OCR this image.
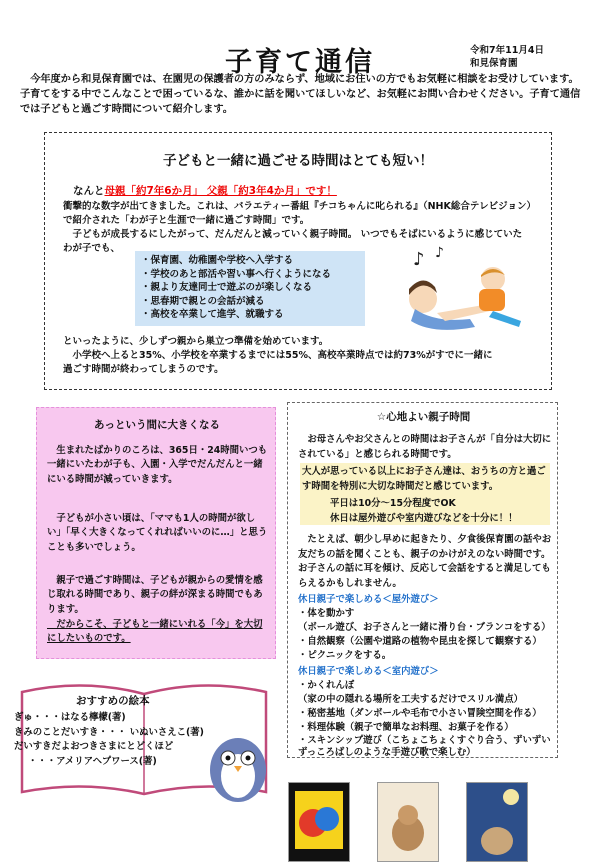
子育て通信	令和7年11月4日
和見保育園
今年度から和見保育園では、在園児の保護者の方のみならず、地域にお住いの方でもお気軽に相談をお受けしています。子育てをする中でこんなことで困っているな、誰かに話を聞いてほしいなど、お気軽にお問い合わせください。子育て通信では子どもと過ごす時間について紹介します。
子どもと一緒に過ごせる時間はとても短い！
なんと母親「約7年6か月」 父親「約3年4か月」です！
衝撃的な数字が出てきました。これは、バラエティー番組『チコちゃんに叱られる』（NHK総合テレビジョン）
で紹介された「わが子と生涯で一緒に過ごす時間」です。
　子どもが成長するにしたがって、だんだんと減っていく親子時間。 いつでもそばにいるように感じていた
わが子でも、
・保育園、幼稚園や学校へ入学する
・学校のあと部活や習い事へ行くようになる
・親より友達同士で遊ぶのが楽しくなる
・思春期で親との会話が減る
・高校を卒業して進学、就職する
♪ ♪
といったように、少しずつ親から巣立つ準備を始めています。
　小学校へ上ると35%、小学校を卒業するまでには55%、高校卒業時点では約73%がすでに一緒に
過ごす時間が終わってしまうのです。
あっという間に大きくなる
　生まれたばかりのころは、365日・24時間いつも一緒にいたわが子も、入園・入学でだんだんと一緒にいる時間が減っていきます。
　子どもが小さい頃は、「ママも1人の時間が欲しい」「早く大きくなってくれればいいのに…」と思うことも多いでしょう。
　親子で過ごす時間は、子どもが親からの愛情を感じ取れる時間であり、親子の絆が深まる時間でもあります。
　だからこそ、子どもと一緒にいれる「今」を大切にしたいものです。
おすすめの絵本
ぎゅ・・・はなる檸檬(著)
きみのことだいすき・・・ いぬいさえこ(著)
だいすきだよおつきさまにとどくほど
・・・アメリアヘプワース(著)
☆心地よい親子時間
　お母さんやお父さんとの時間はお子さんが「自分は大切にされている」と感じられる時間です。
大人が思っている以上にお子さん達は、おうちの方と過ごす時間を特別に大切な時間だと感じています。
平日は10分～15分程度でOK
休日は屋外遊びや室内遊びなどを十分に！！
　たとえば、朝少し早めに起きたり、夕食後保育園の話やお友だちの話を聞くことも、親子のかけがえのない時間です。お子さんの話に耳を傾け、反応して会話をすると満足してもらえるかもしれません。
休日親子で楽しめる＜屋外遊び＞
・体を動かす
（ボール遊び、お子さんと一緒に滑り台・ブランコをする）
・自然観察（公園や道路の植物や昆虫を探して観察する）
・ピクニックをする。
休日親子で楽しめる＜室内遊び＞
・かくれんぼ
（家の中の隠れる場所を工夫するだけでスリル満点）
・秘密基地（ダンボールや毛布で小さい冒険空間を作る）
・料理体験（親子で簡単なお料理、お菓子を作る）
・スキンシップ遊び（こちょこちょくすぐり合う、ずいずいずっころばしのような手遊び歌で楽しむ）
